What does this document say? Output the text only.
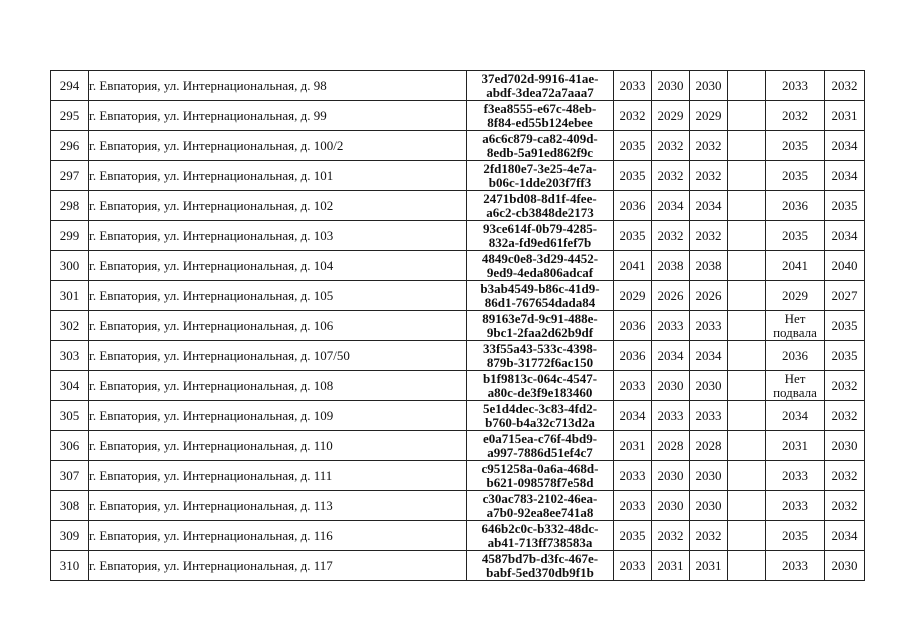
294	г. Евпатория, ул. Интернациональная, д. 98	37ed702d-9916-41ae-
abdf-3dea72a7aaa7	2033	2030	2030		2033	2032
295	г. Евпатория, ул. Интернациональная, д. 99	f3ea8555-e67c-48eb-
8f84-ed55b124ebee	2032	2029	2029		2032	2031
296	г. Евпатория, ул. Интернациональная, д. 100/2	a6c6c879-ca82-409d-
8edb-5a91ed862f9c	2035	2032	2032		2035	2034
297	г. Евпатория, ул. Интернациональная, д. 101	2fd180e7-3e25-4e7a-
b06c-1dde203f7ff3	2035	2032	2032		2035	2034
298	г. Евпатория, ул. Интернациональная, д. 102	2471bd08-8d1f-4fee-
a6c2-cb3848de2173	2036	2034	2034		2036	2035
299	г. Евпатория, ул. Интернациональная, д. 103	93ce614f-0b79-4285-
832a-fd9ed61fef7b	2035	2032	2032		2035	2034
300	г. Евпатория, ул. Интернациональная, д. 104	4849c0e8-3d29-4452-
9ed9-4eda806adcaf	2041	2038	2038		2041	2040
301	г. Евпатория, ул. Интернациональная, д. 105	b3ab4549-b86c-41d9-
86d1-767654dada84	2029	2026	2026		2029	2027
302	г. Евпатория, ул. Интернациональная, д. 106	89163e7d-9c91-488e-
9bc1-2faa2d62b9df	2036	2033	2033		Нет подвала	2035
303	г. Евпатория, ул. Интернациональная, д. 107/50	33f55a43-533c-4398-
879b-31772f6ac150	2036	2034	2034		2036	2035
304	г. Евпатория, ул. Интернациональная, д. 108	b1f9813c-064c-4547-
a80c-de3f9e183460	2033	2030	2030		Нет подвала	2032
305	г. Евпатория, ул. Интернациональная, д. 109	5e1d4dec-3c83-4fd2-
b760-b4a32c713d2a	2034	2033	2033		2034	2032
306	г. Евпатория, ул. Интернациональная, д. 110	e0a715ea-c76f-4bd9-
a997-7886d51ef4c7	2031	2028	2028		2031	2030
307	г. Евпатория, ул. Интернациональная, д. 111	c951258a-0a6a-468d-
b621-098578f7e58d	2033	2030	2030		2033	2032
308	г. Евпатория, ул. Интернациональная, д. 113	c30ac783-2102-46ea-
a7b0-92ea8ee741a8	2033	2030	2030		2033	2032
309	г. Евпатория, ул. Интернациональная, д. 116	646b2c0c-b332-48dc-
ab41-713ff738583a	2035	2032	2032		2035	2034
310	г. Евпатория, ул. Интернациональная, д. 117	4587bd7b-d3fc-467e-
babf-5ed370db9f1b	2033	2031	2031		2033	2030
